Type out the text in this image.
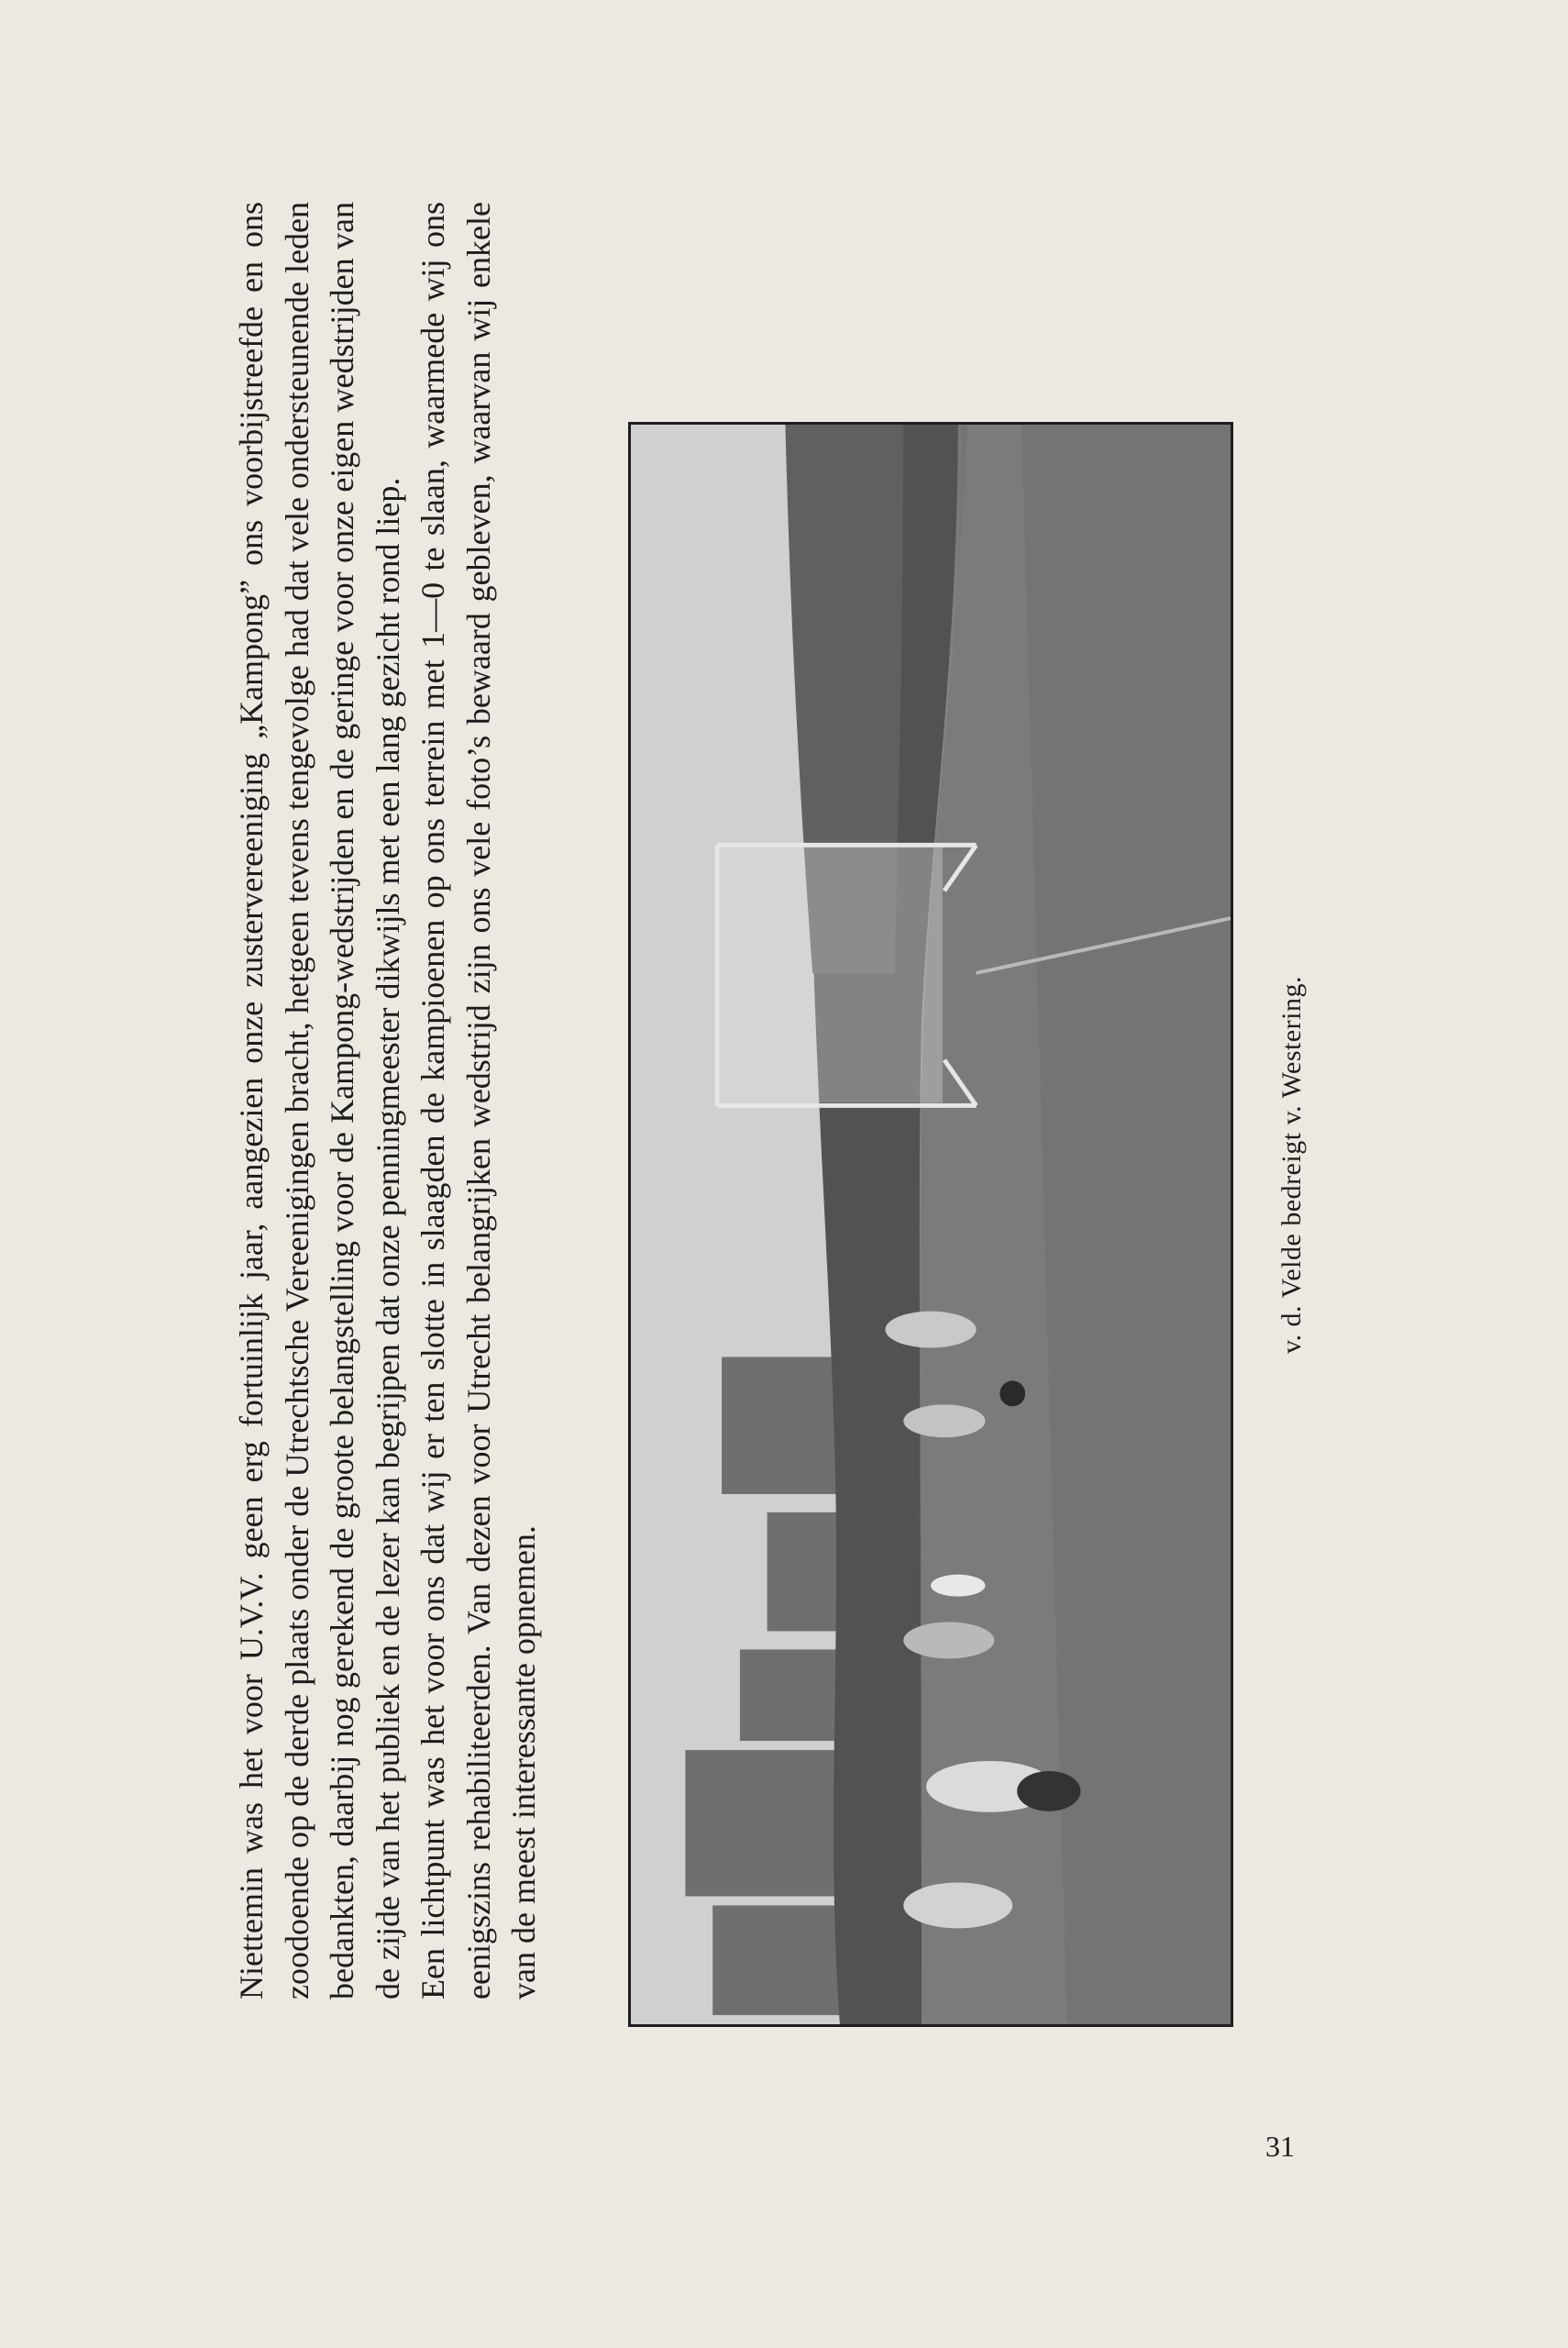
Niettemin was het voor U.V.V. geen erg fortuinlijk jaar, aangezien onze zustervereeniging „Kampong” ons voorbijstreefde en ons zoodoende op de derde plaats onder de Utrechtsche Vereenigingen bracht, hetgeen tevens tengevolge had dat vele ondersteunende leden bedankten, daarbij nog gerekend de groote belangstelling voor de Kampong-wedstrijden en de geringe voor onze eigen wedstrijden van de zijde van het publiek en de lezer kan begrijpen dat onze penningmeester dikwijls met een lang gezicht rond liep. Een lichtpunt was het voor ons dat wij er ten slotte in slaagden de kampioenen op ons terrein met 1—0 te slaan, waarmede wij ons eenigszins rehabiliteerden. Van dezen voor Utrecht belangrijken wedstrijd zijn ons vele foto’s bewaard gebleven, waarvan wij enkele van de meest interessante opnemen.

v. d. Velde bedreigt v. Westering.
31
